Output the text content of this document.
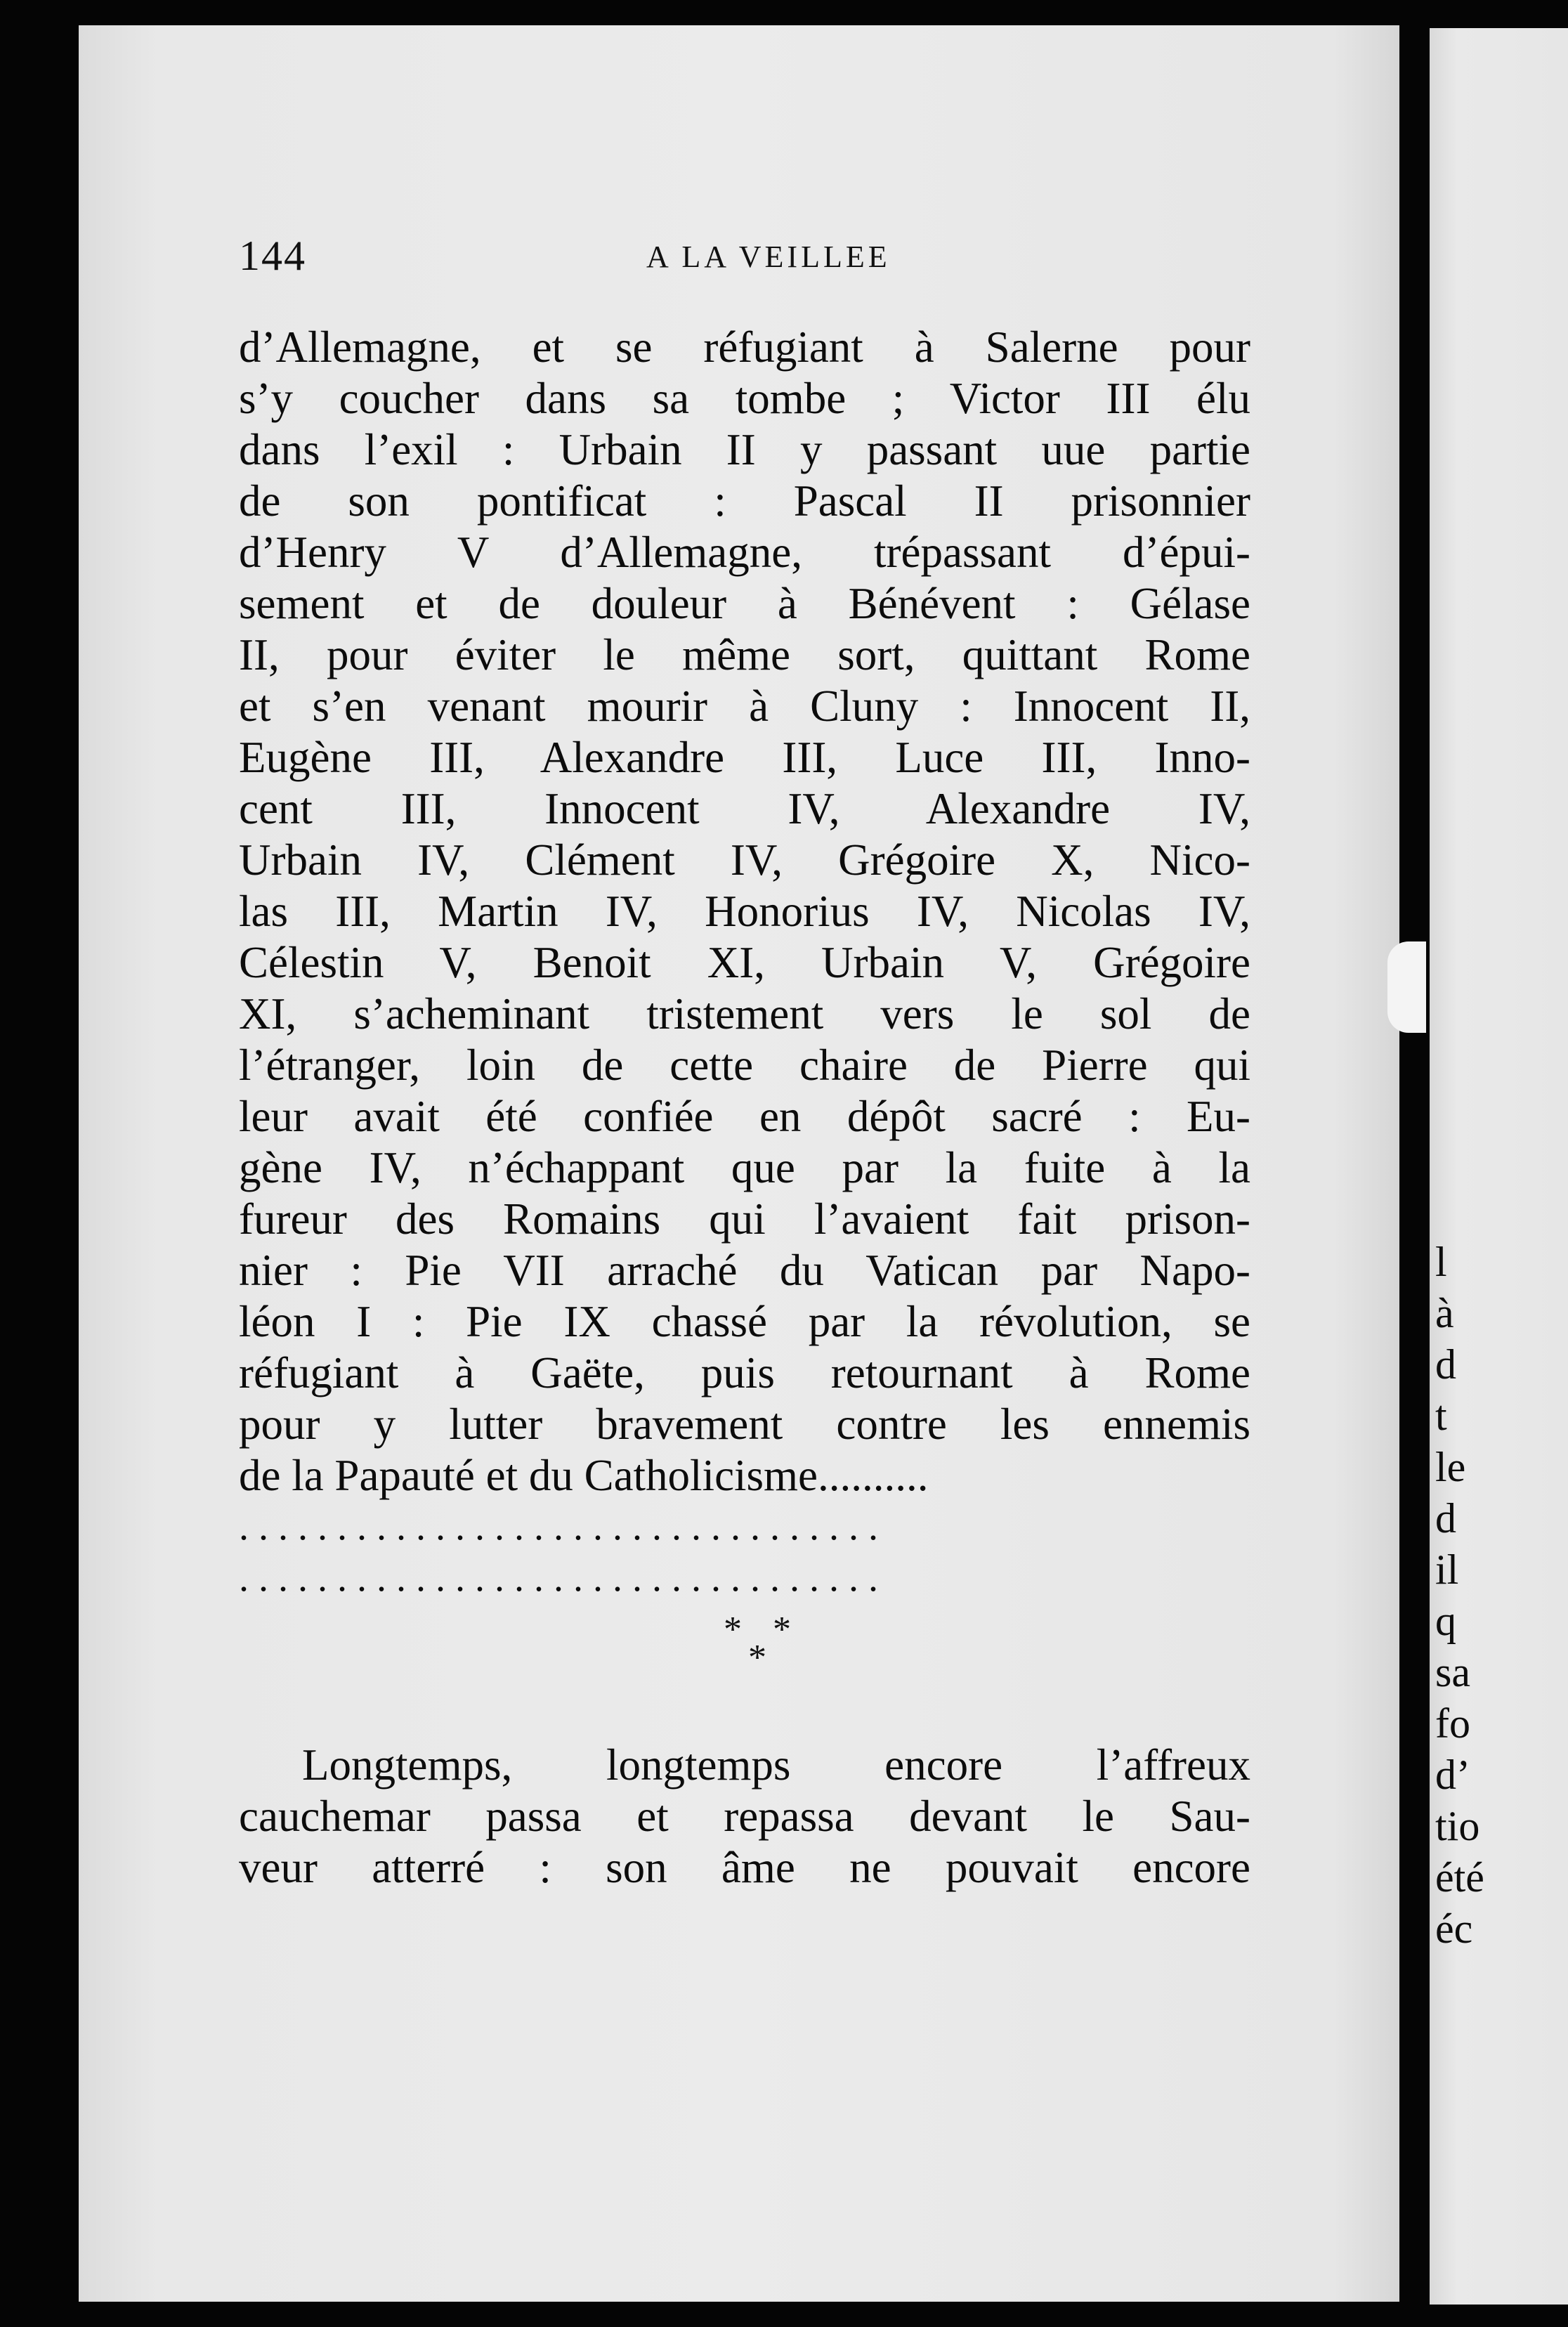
l
à
d
t
le
d
il
q
sa
fo
d’
tio
été
éc
144	A LA VEILLEE
d’Allemagne, et se réfugiant à Salerne pour
s’y coucher dans sa tombe ; Victor III élu
dans l’exil : Urbain II y passant uue partie
de son pontificat : Pascal II prisonnier
d’Henry V d’Allemagne, trépassant d’épui-
sement et de douleur à Bénévent : Gélase
II, pour éviter le même sort, quittant Rome
et s’en venant mourir à Cluny : Innocent II,
Eugène III, Alexandre III, Luce III, Inno-
cent III, Innocent IV, Alexandre IV,
Urbain IV, Clément IV, Grégoire X, Nico-
las III, Martin IV, Honorius IV, Nicolas IV,
Célestin V, Benoit XI, Urbain V, Grégoire
XI, s’acheminant tristement vers le sol de
l’étranger, loin de cette chaire de Pierre qui
leur avait été confiée en dépôt sacré : Eu-
gène IV, n’échappant que par la fuite à la
fureur des Romains qui l’avaient fait prison-
nier : Pie VII arraché du Vatican par Napo-
léon I : Pie IX chassé par la révolution, se
réfugiant à Gaëte, puis retournant à Rome
pour y lutter bravement contre les ennemis
de la Papauté et du Catholicisme..........
.................................
.................................
* *
*
Longtemps, longtemps encore l’affreux
cauchemar passa et repassa devant le Sau-
veur atterré : son âme ne pouvait encore
